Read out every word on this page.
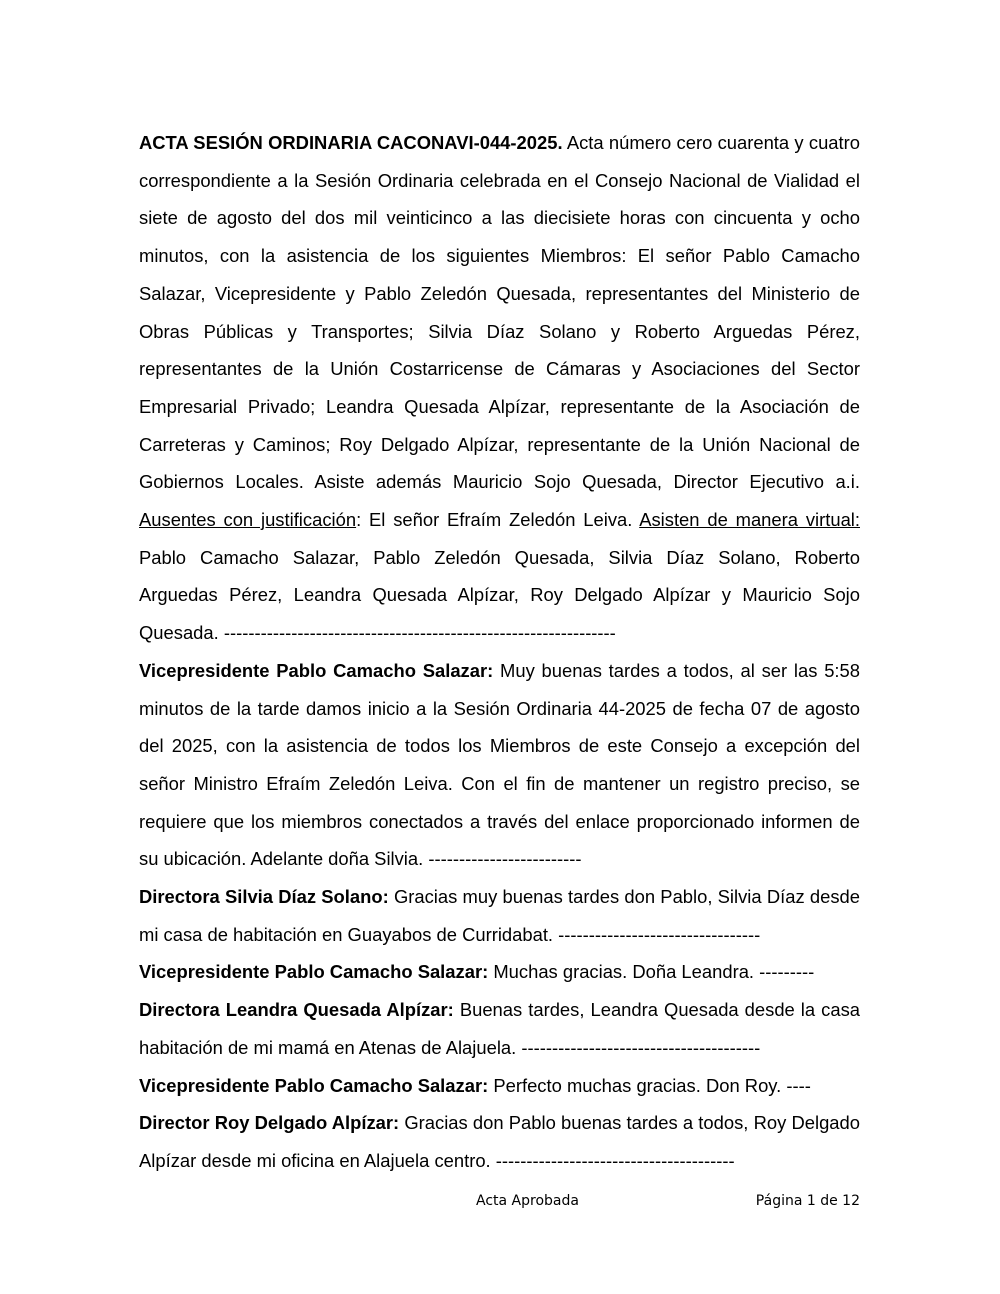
ACTA SESIÓN ORDINARIA CACONAVI-044-2025. Acta número cero cuarenta y cuatro correspondiente a la Sesión Ordinaria celebrada en el Consejo Nacional de Vialidad el siete de agosto del dos mil veinticinco a las diecisiete horas con cincuenta y ocho minutos, con la asistencia de los siguientes Miembros: El señor Pablo Camacho Salazar, Vicepresidente y Pablo Zeledón Quesada, representantes del Ministerio de Obras Públicas y Transportes; Silvia Díaz Solano y Roberto Arguedas Pérez, representantes de la Unión Costarricense de Cámaras y Asociaciones del Sector Empresarial Privado; Leandra Quesada Alpízar, representante de la Asociación de Carreteras y Caminos; Roy Delgado Alpízar, representante de la Unión Nacional de Gobiernos Locales. Asiste además Mauricio Sojo Quesada, Director Ejecutivo a.i. Ausentes con justificación: El señor Efraím Zeledón Leiva. Asisten de manera virtual: Pablo Camacho Salazar, Pablo Zeledón Quesada, Silvia Díaz Solano, Roberto Arguedas Pérez, Leandra Quesada Alpízar, Roy Delgado Alpízar y Mauricio Sojo Quesada. ----------------------------------------------------------------

Vicepresidente Pablo Camacho Salazar: Muy buenas tardes a todos, al ser las 5:58 minutos de la tarde damos inicio a la Sesión Ordinaria 44-2025 de fecha 07 de agosto del 2025, con la asistencia de todos los Miembros de este Consejo a excepción del señor Ministro Efraím Zeledón Leiva. Con el fin de mantener un registro preciso, se requiere que los miembros conectados a través del enlace proporcionado informen de su ubicación. Adelante doña Silvia. -------------------------

Directora Silvia Díaz Solano: Gracias muy buenas tardes don Pablo, Silvia Díaz desde mi casa de habitación en Guayabos de Curridabat. ---------------------------------

Vicepresidente Pablo Camacho Salazar: Muchas gracias. Doña Leandra. ---------

Directora Leandra Quesada Alpízar: Buenas tardes, Leandra Quesada desde la casa habitación de mi mamá en Atenas de Alajuela. ---------------------------------------

Vicepresidente Pablo Camacho Salazar: Perfecto muchas gracias. Don Roy. ----

Director Roy Delgado Alpízar: Gracias don Pablo buenas tardes a todos, Roy Delgado Alpízar desde mi oficina en Alajuela centro. ---------------------------------------

Acta Aprobada	Página 1 de 12
